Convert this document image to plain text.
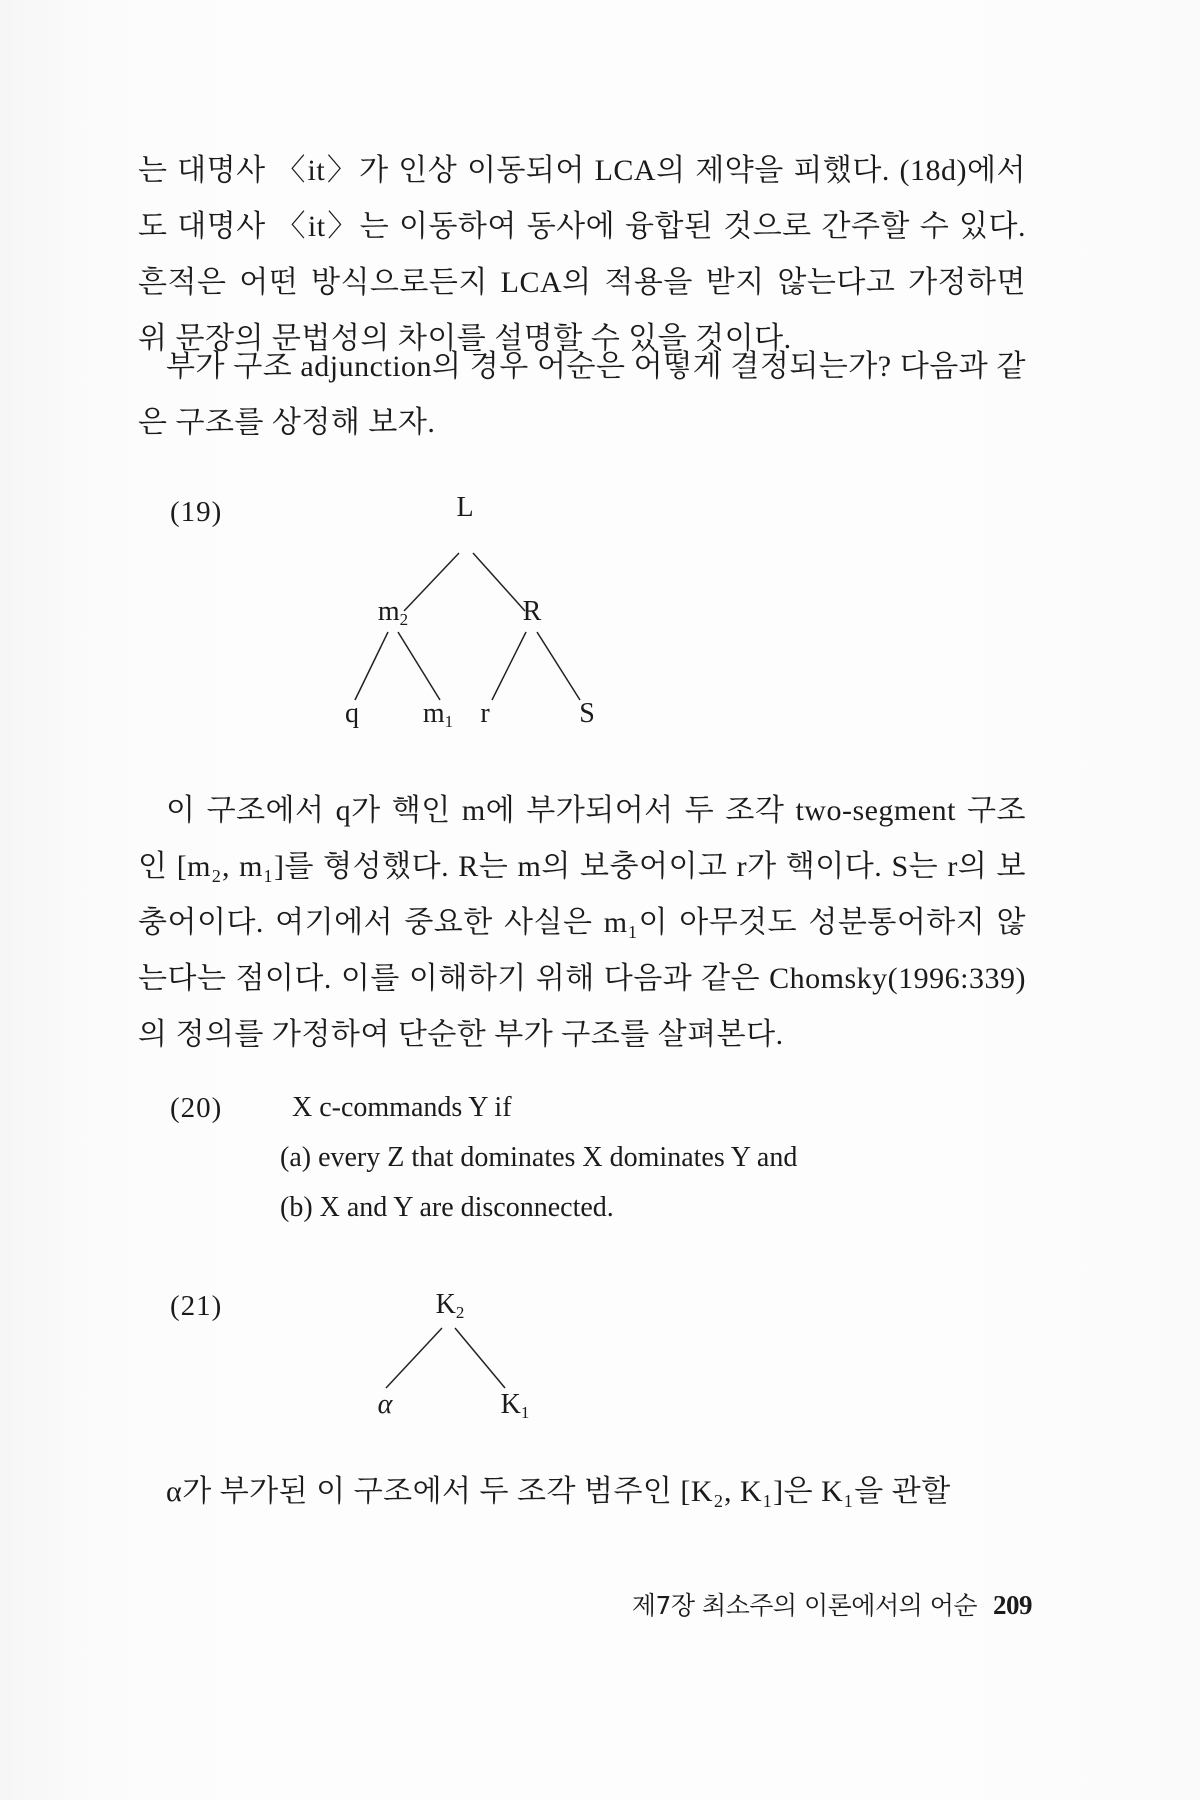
는 대명사 〈it〉가 인상 이동되어 LCA의 제약을 피했다. (18d)에서도 대명사 〈it〉는 이동하여 동사에 융합된 것으로 간주할 수 있다. 흔적은 어떤 방식으로든지 LCA의 적용을 받지 않는다고 가정하면 위 문장의 문법성의 차이를 설명할 수 있을 것이다.

부가 구조 adjunction의 경우 어순은 어떻게 결정되는가? 다음과 같은 구조를 상정해 보자.

(19)	L
$m_2$	R
q $m_1$ r	S

이 구조에서 q가 핵인 m에 부가되어서 두 조각 two-segment 구조인 [m₂, m₁]를 형성했다. R는 m의 보충어이고 r가 핵이다. S는 r의 보충어이다. 여기에서 중요한 사실은 m₁이 아무것도 성분통어하지 않는다는 점이다. 이를 이해하기 위해 다음과 같은 Chomsky(1996:339)의 정의를 가정하여 단순한 부가 구조를 살펴본다.

(20) X c-commands Y if
(a) every Z that dominates X dominates Y and
(b) X and Y are disconnected.
(21)	$K_2$
α	$K_1$

α가 부가된 이 구조에서 두 조각 범주인 [K₂, K₁]은 K₁을 관할

제7장 최소주의 이론에서의 어순 209
